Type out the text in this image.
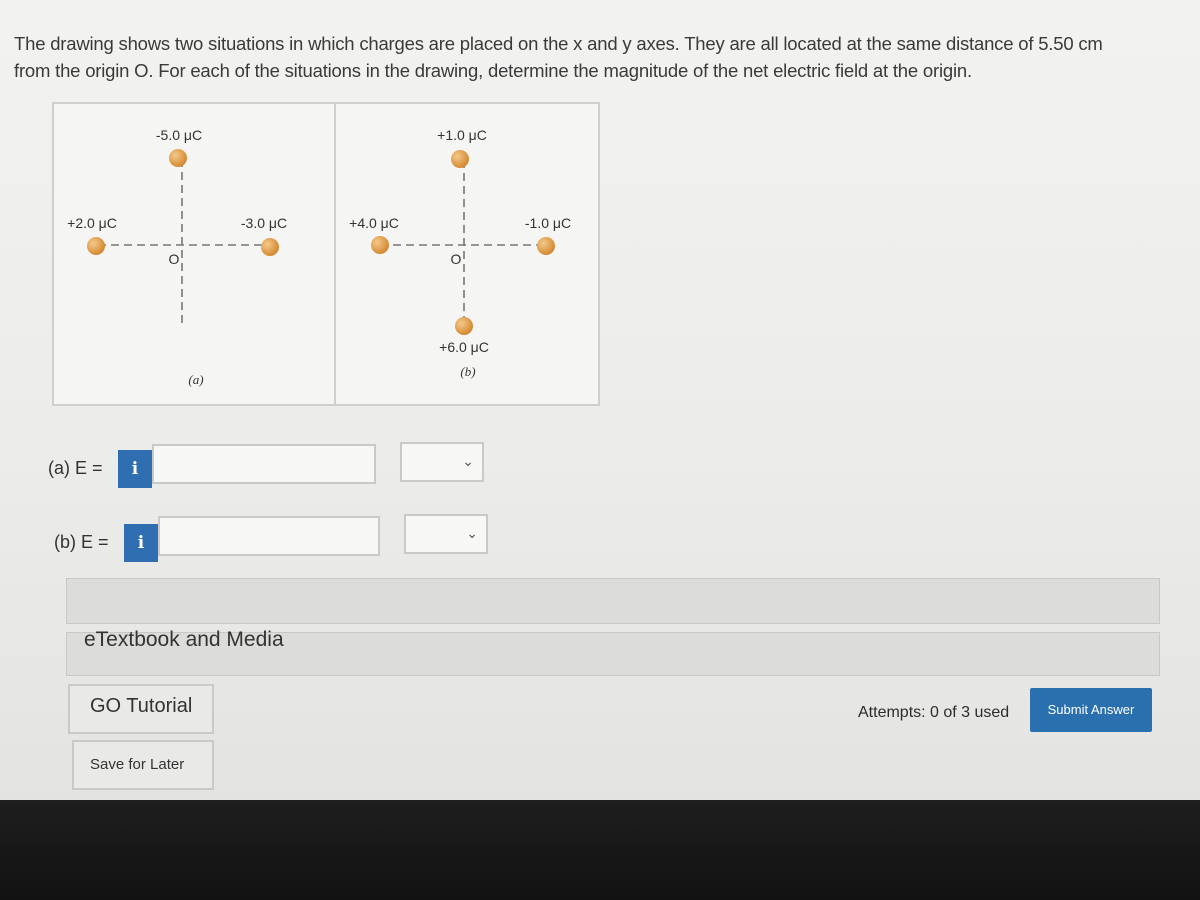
The drawing shows two situations in which charges are placed on the x and y axes. They are all located at the same distance of 5.50 cm

from the origin O. For each of the situations in the drawing, determine the magnitude of the net electric field at the origin.

-5.0 μC
+2.0 μC	-3.0 μC
O
(a)
+1.0 μC
+4.0 μC	-1.0 μC
+6.0 μC
O
(b)
(a) E =	i	⌄
(b) E =	i	⌄
eTextbook and Media
GO Tutorial
Save for Later
Attempts: 0 of 3 used	Submit Answer
